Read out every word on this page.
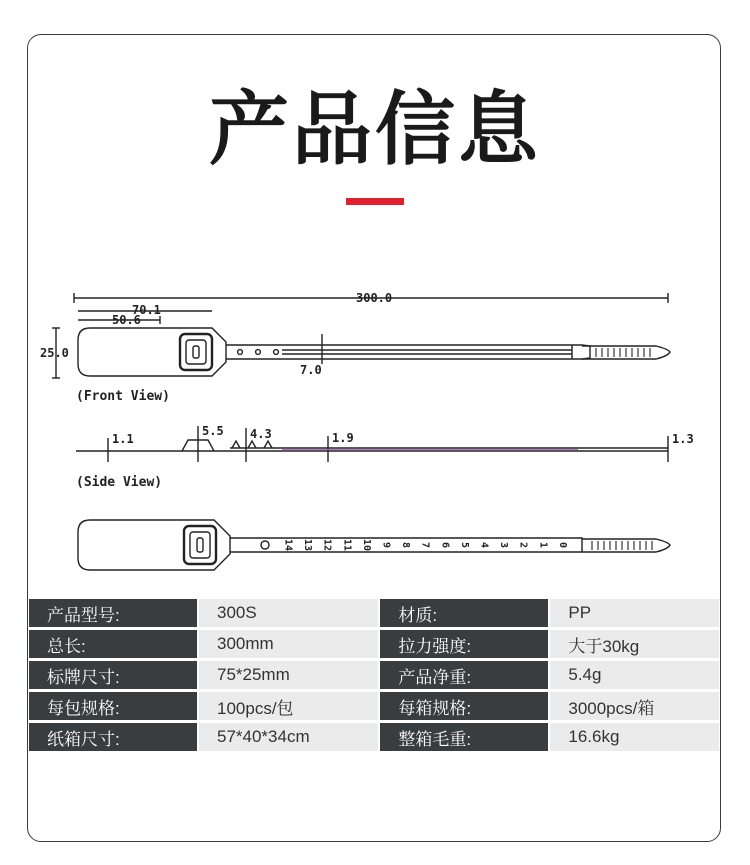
产品信息
300.0
70.1
50.6
25.0
7.0
(Front View)
1.1
5.5 4.3	1.9	1.3
(Side View)
14 13 12 11 10 9 8 7 6 5 4 3 2 1 0
产品型号:	300S	材质:	PP
总长:	300mm	拉力强度:	大于30kg
标牌尺寸:	75*25mm	产品净重:	5.4g
每包规格:	100pcs/包	每箱规格:	3000pcs/箱
纸箱尺寸:	57*40*34cm	整箱毛重:	16.6kg
